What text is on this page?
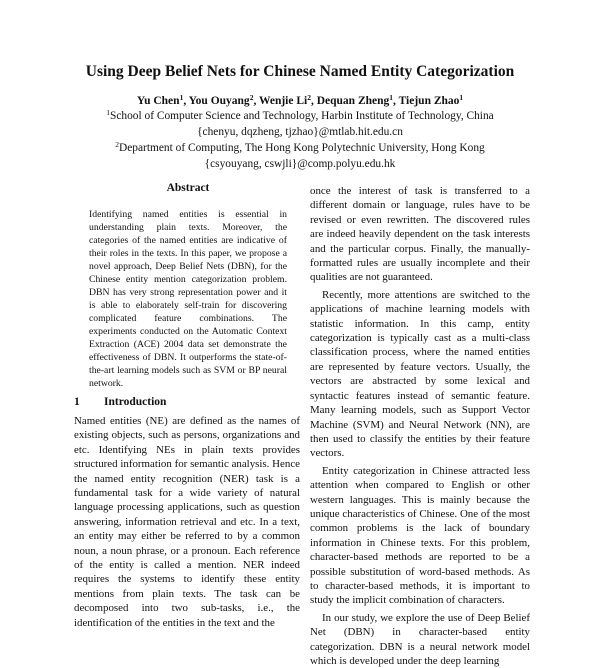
Using Deep Belief Nets for Chinese Named Entity Categorization
Yu Chen$^1$, You Ouyang$^2$, Wenjie Li$^2$, Dequan Zheng$^1$, Tiejun Zhao$^1$
$^1$School of Computer Science and Technology, Harbin Institute of Technology, China
{chenyu, dqzheng, tjzhao}@mtlab.hit.edu.cn
$^2$Department of Computing, The Hong Kong Polytechnic University, Hong Kong
{csyouyang, cswjli}@comp.polyu.edu.hk
Abstract
Identifying named entities is essential in understanding plain texts. Moreover, the categories of the named entities are indicative of their roles in the texts. In this paper, we propose a novel approach, Deep Belief Nets (DBN), for the Chinese entity mention categorization problem. DBN has very strong representation power and it is able to elaborately self-train for discovering complicated feature combinations. The experiments conducted on the Automatic Context Extraction (ACE) 2004 data set demonstrate the effectiveness of DBN. It outperforms the state-of-the-art learning models such as SVM or BP neural network.
1 Introduction

Named entities (NE) are defined as the names of existing objects, such as persons, organizations and etc. Identifying NEs in plain texts provides structured information for semantic analysis. Hence the named entity recognition (NER) task is a fundamental task for a wide variety of natural language processing applications, such as question answering, information retrieval and etc. In a text, an entity may either be referred to by a common noun, a noun phrase, or a pronoun. Each reference of the entity is called a mention. NER indeed requires the systems to identify these entity mentions from plain texts. The task can be decomposed into two sub-tasks, i.e., the identification of the entities in the text and the

once the interest of task is transferred to a different domain or language, rules have to be revised or even rewritten. The discovered rules are indeed heavily dependent on the task interests and the particular corpus. Finally, the manually-formatted rules are usually incomplete and their qualities are not guaranteed.

Recently, more attentions are switched to the applications of machine learning models with statistic information. In this camp, entity categorization is typically cast as a multi-class classification process, where the named entities are represented by feature vectors. Usually, the vectors are abstracted by some lexical and syntactic features instead of semantic feature. Many learning models, such as Support Vector Machine (SVM) and Neural Network (NN), are then used to classify the entities by their feature vectors.

Entity categorization in Chinese attracted less attention when compared to English or other western languages. This is mainly because the unique characteristics of Chinese. One of the most common problems is the lack of boundary information in Chinese texts. For this problem, character-based methods are reported to be a possible substitution of word-based methods. As to character-based methods, it is important to study the implicit combination of characters.

In our study, we explore the use of Deep Belief Net (DBN) in character-based entity categorization. DBN is a neural network model which is developed under the deep learning
